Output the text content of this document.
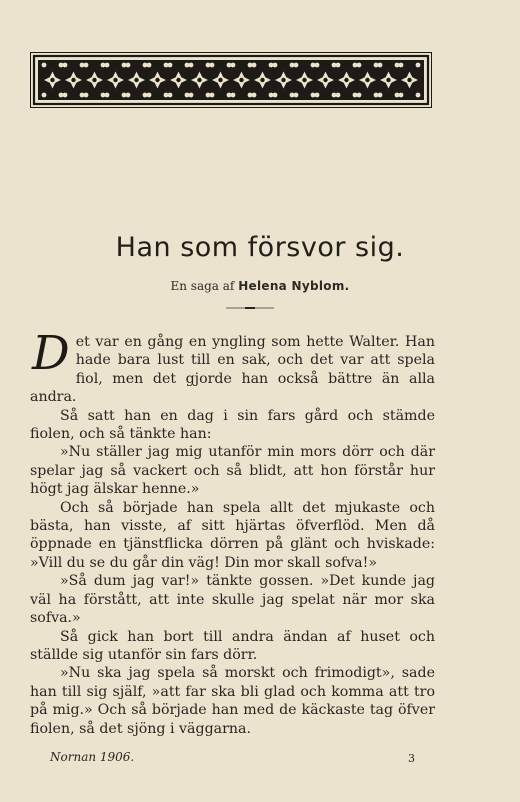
Han som försvor sig.
En saga af Helena Nyblom.

Det var en gång en yngling som hette Walter. Han hade bara lust till en sak, och det var att spela fiol, men det gjorde han också bättre än alla andra.

Så satt han en dag i sin fars gård och stämde fiolen, och så tänkte han:

»Nu ställer jag mig utanför min mors dörr och där spelar jag så vackert och så blidt, att hon förstår hur högt jag älskar henne.»

Och så började han spela allt det mjukaste och bästa, han visste, af sitt hjärtas öfverflöd. Men då öppnade en tjänstflicka dörren på glänt och hviskade: »Vill du se du går din väg! Din mor skall sofva!»

»Så dum jag var!» tänkte gossen. »Det kunde jag väl ha förstått, att inte skulle jag spelat när mor ska sofva.»

Så gick han bort till andra ändan af huset och ställde sig utanför sin fars dörr.

»Nu ska jag spela så morskt och frimodigt», sade han till sig själf, »att far ska bli glad och komma att tro på mig.» Och så började han med de käckaste tag öfver fiolen, så det sjöng i väggarna.

Nornan 1906.	3
